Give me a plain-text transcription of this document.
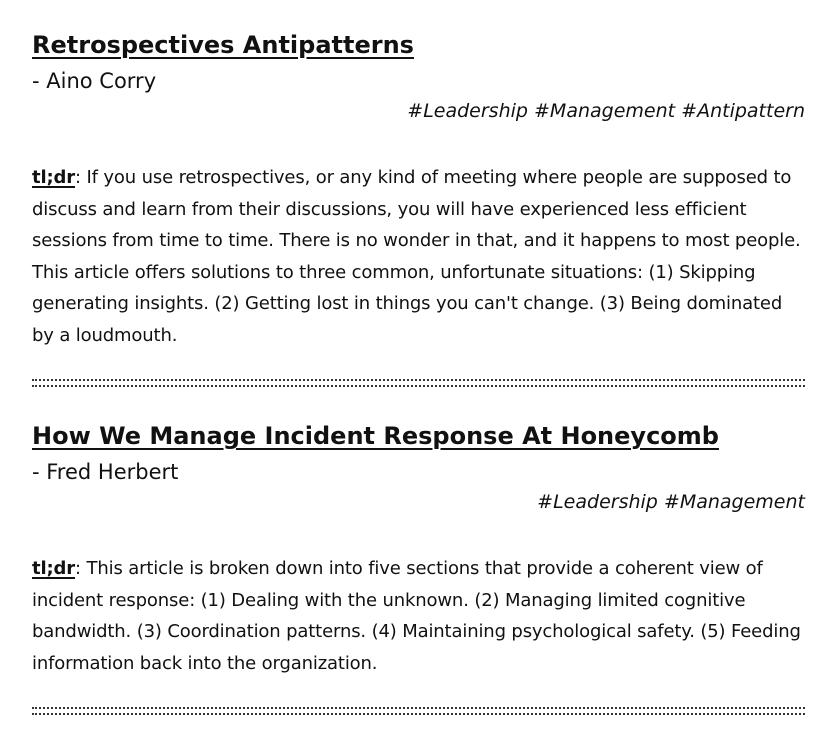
Retrospectives Antipatterns
- Aino Corry
#Leadership #Management #Antipattern
tl;dr: If you use retrospectives, or any kind of meeting where people are supposed to discuss and learn from their discussions, you will have experienced less efficient sessions from time to time. There is no wonder in that, and it happens to most people. This article offers solutions to three common, unfortunate situations: (1) Skipping generating insights. (2) Getting lost in things you can't change. (3) Being dominated by a loudmouth.
How We Manage Incident Response At Honeycomb
- Fred Herbert
#Leadership #Management
tl;dr: This article is broken down into five sections that provide a coherent view of incident response: (1) Dealing with the unknown. (2) Managing limited cognitive bandwidth. (3) Coordination patterns. (4) Maintaining psychological safety. (5) Feeding information back into the organization.
